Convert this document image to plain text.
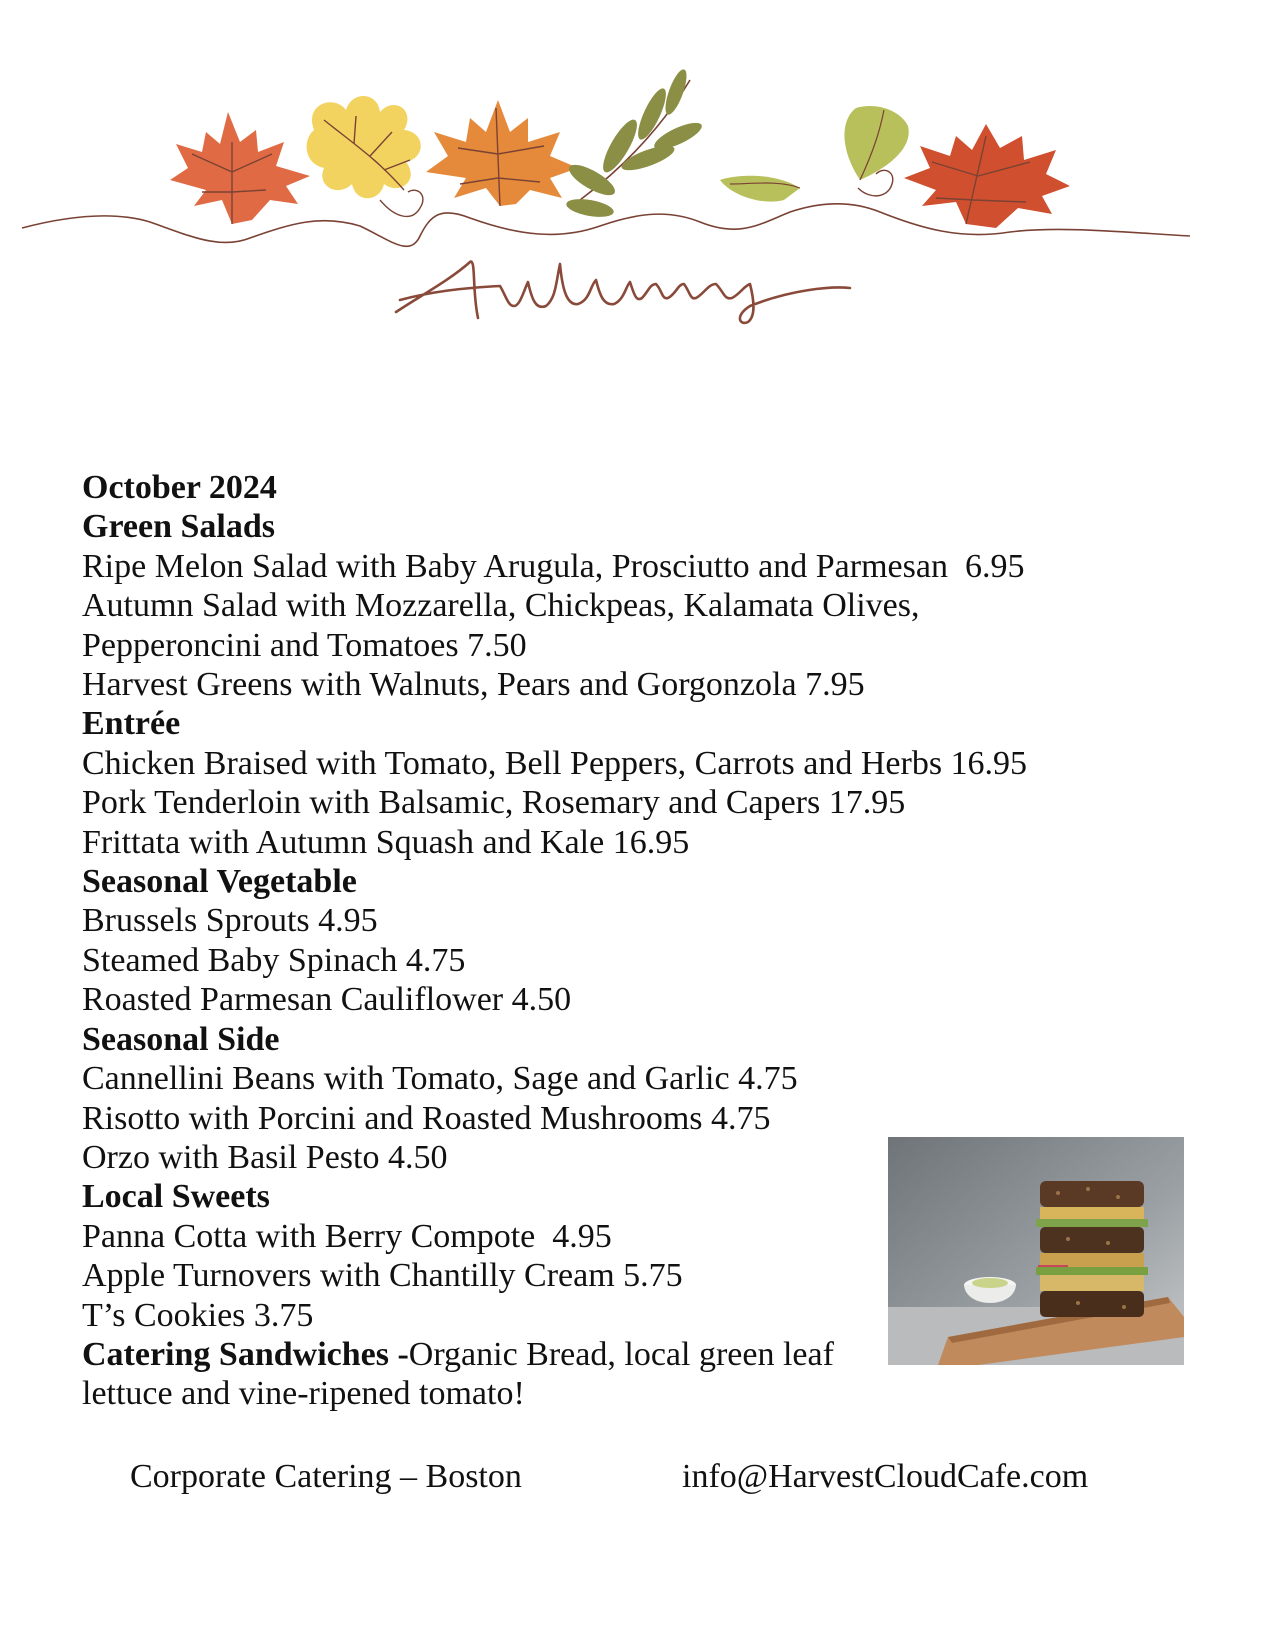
October 2024
Green Salads
Ripe Melon Salad with Baby Arugula, Prosciutto and Parmesan  6.95
Autumn Salad with Mozzarella, Chickpeas, Kalamata Olives,
Pepperoncini and Tomatoes 7.50
Harvest Greens with Walnuts, Pears and Gorgonzola 7.95
Entrée
Chicken Braised with Tomato, Bell Peppers, Carrots and Herbs 16.95
Pork Tenderloin with Balsamic, Rosemary and Capers 17.95
Frittata with Autumn Squash and Kale 16.95
Seasonal Vegetable
Brussels Sprouts 4.95
Steamed Baby Spinach 4.75
Roasted Parmesan Cauliflower 4.50
Seasonal Side
Cannellini Beans with Tomato, Sage and Garlic 4.75
Risotto with Porcini and Roasted Mushrooms 4.75
Orzo with Basil Pesto 4.50
Local Sweets
Panna Cotta with Berry Compote  4.95
Apple Turnovers with Chantilly Cream 5.75
T’s Cookies 3.75
Catering Sandwiches -Organic Bread, local green leaf lettuce and vine-ripened tomato!
Corporate Catering – Boston	info@HarvestCloudCafe.com
